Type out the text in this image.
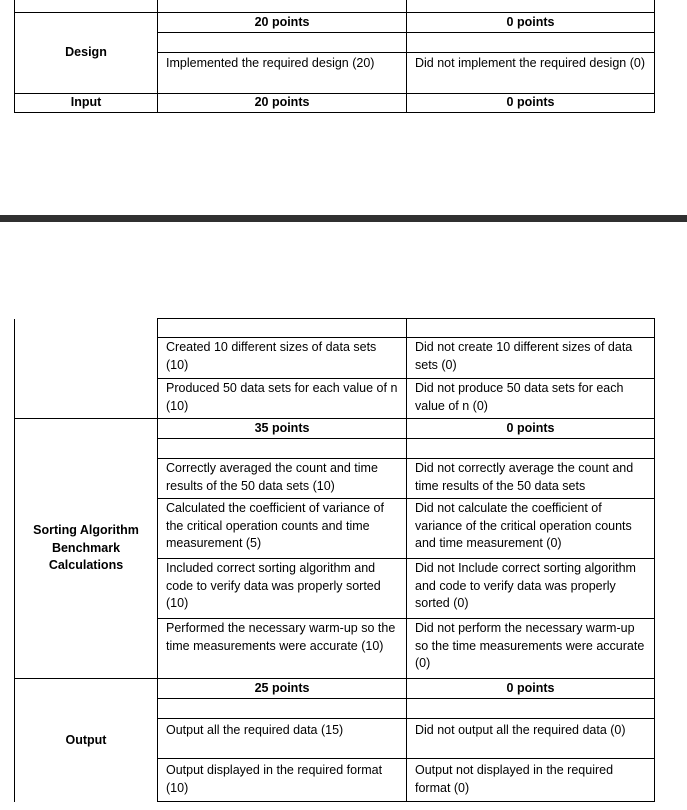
Design	20 points	0 points

	Implemented the required design (20)	Did not implement the required design (0)
Input	20 points	0 points

	Created 10 different sizes of data sets (10)	Did not create 10 different sizes of data sets (0)
	Produced 50 data sets for each value of n (10)	Did not produce 50 data sets for each value of n (0)

Sorting Algorithm
Benchmark
Calculations	35 points	0 points

	Correctly averaged the count and time results of the 50 data sets (10)	Did not correctly average the count and time results of the 50 data sets
	Calculated the coefficient of variance of the critical operation counts and time measurement (5)	Did not calculate the coefficient of variance of the critical operation counts and time measurement (0)
	Included correct sorting algorithm and code to verify data was properly sorted (10)	Did not Include correct sorting algorithm and code to verify data was properly sorted (0)
	Performed the necessary warm-up so the time measurements were accurate (10)	Did not perform the necessary warm-up so the time measurements were accurate (0)
Output	25 points	0 points

	Output all the required data (15)	Did not output all the required data (0)
	Output displayed in the required format (10)	Output not displayed in the required format (0)
